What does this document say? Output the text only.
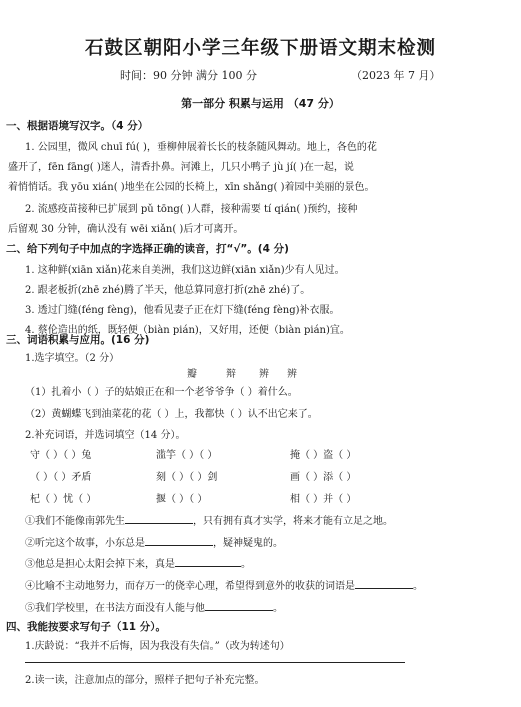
石鼓区朝阳小学三年级下册语文期末检测
时间：90 分钟 满分 100 分	（2023 年 7 月）
第一部分 积累与运用 （47 分）
一、根据语境写汉字。（4 分）
1. 公园里，微风 chuī fú( )，垂柳伸展着长长的枝条随风舞动。地上，各色的花
盛开了，fēn fāng( )迷人，清香扑鼻。河滩上，几只小鸭子 jù jí( )在一起，说
着悄悄话。我 yōu xián( )地坐在公园的长椅上，xīn shǎng( )着园中美丽的景色。
2. 流感疫苗接种已扩展到 pǔ tōng( )人群，接种需要 tí qián( )预约，接种
后留观 30 分钟，确认没有 wēi xiǎn( )后才可离开。
二、给下列句子中加点的字选择正确的读音，打“√”。(4 分)
1. 这种鲜(xiān xiǎn)花来自美洲，我们这边鲜(xiān xiǎn)少有人见过。
2. 跟老板折(zhē zhé)腾了半天，他总算同意打折(zhē zhé)了。
3. 透过门缝(féng fèng)，他看见妻子正在灯下缝(féng fèng)补衣服。
4. 蔡伦造出的纸，既轻便（biàn pián)，又好用，还便（biàn pián)宜。
三、词语积累与应用。(16 分)
1.选字填空。（2 分）
瓣	辩 辨 辨
（1）扎着小（ ）子的姑娘正在和一个老爷爷争（ ）着什么。
（2）黄蝴蝶飞到油菜花的花（ ）上，我都快（ ）认不出它来了。
2.补充词语，并选词填空（14 分）。
守（ ）（ ）兔	滥竽（ ）（ ）	掩（ ）盗（ ）
（ ）（ ）矛盾	刻（ ）（ ）剑	画（ ）添（ ）
杞（ ）忧（ ）	揠（ ）（ ）	相（ ）并（ ）
①我们不能像南郭先生	，只有拥有真才实学，将来才能有立足之地。
②听完这个故事，小东总是	，疑神疑鬼的。
③他总是担心太阳会掉下来，真是	。
④比喻不主动地努力，而存万一的侥幸心理，希望得到意外的收获的词语是	。
⑤我们学校里，在书法方面没有人能与他	。
四、我能按要求写句子（11 分）。
1.庆龄说：“我并不后悔，因为我没有失信。”（改为转述句）
2.读一读，注意加点的部分，照样子把句子补充完整。
